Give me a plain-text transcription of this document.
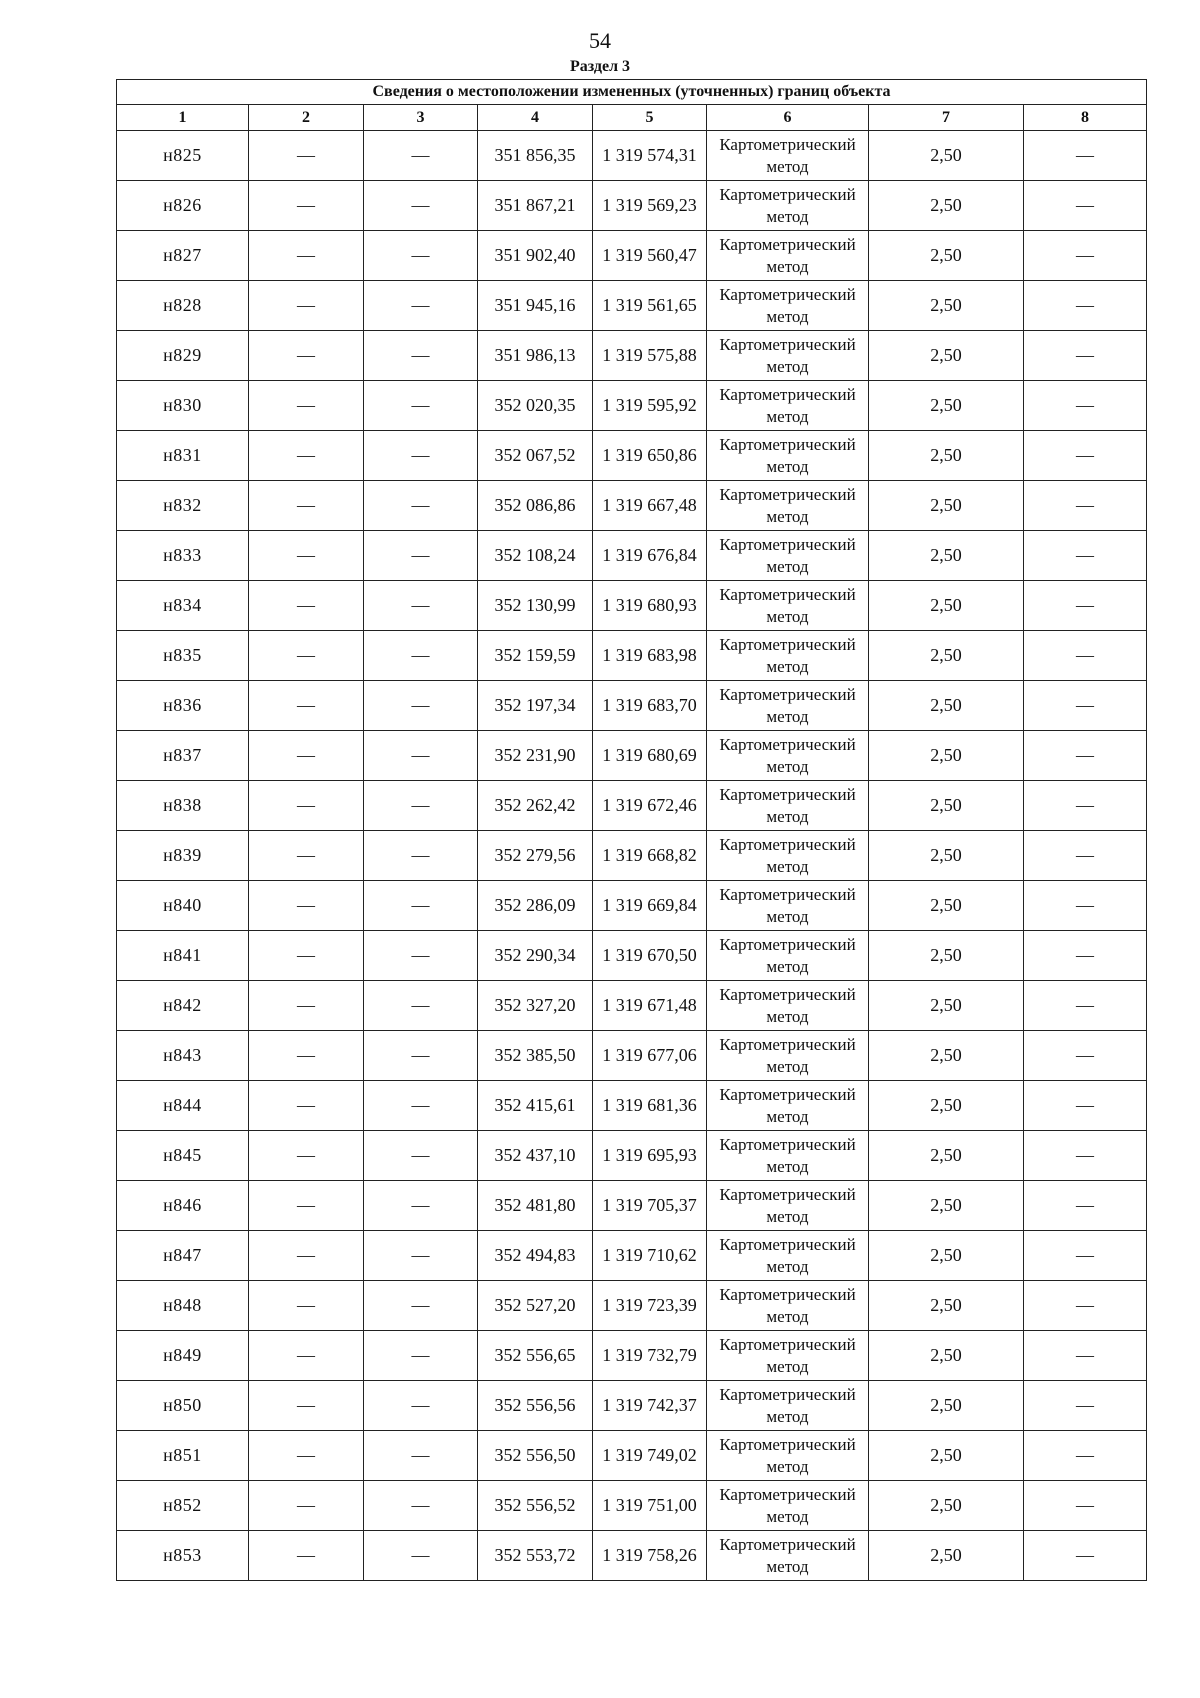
54
Раздел 3
Сведения о местоположении измененных (уточненных) границ объекта							
1	2	3	4	5	6	7	8
н825	—	—	351 856,35	1 319 574,31	Картометрический метод	2,50	—
н826	—	—	351 867,21	1 319 569,23	Картометрический метод	2,50	—
н827	—	—	351 902,40	1 319 560,47	Картометрический метод	2,50	—
н828	—	—	351 945,16	1 319 561,65	Картометрический метод	2,50	—
н829	—	—	351 986,13	1 319 575,88	Картометрический метод	2,50	—
н830	—	—	352 020,35	1 319 595,92	Картометрический метод	2,50	—
н831	—	—	352 067,52	1 319 650,86	Картометрический метод	2,50	—
н832	—	—	352 086,86	1 319 667,48	Картометрический метод	2,50	—
н833	—	—	352 108,24	1 319 676,84	Картометрический метод	2,50	—
н834	—	—	352 130,99	1 319 680,93	Картометрический метод	2,50	—
н835	—	—	352 159,59	1 319 683,98	Картометрический метод	2,50	—
н836	—	—	352 197,34	1 319 683,70	Картометрический метод	2,50	—
н837	—	—	352 231,90	1 319 680,69	Картометрический метод	2,50	—
н838	—	—	352 262,42	1 319 672,46	Картометрический метод	2,50	—
н839	—	—	352 279,56	1 319 668,82	Картометрический метод	2,50	—
н840	—	—	352 286,09	1 319 669,84	Картометрический метод	2,50	—
н841	—	—	352 290,34	1 319 670,50	Картометрический метод	2,50	—
н842	—	—	352 327,20	1 319 671,48	Картометрический метод	2,50	—
н843	—	—	352 385,50	1 319 677,06	Картометрический метод	2,50	—
н844	—	—	352 415,61	1 319 681,36	Картометрический метод	2,50	—
н845	—	—	352 437,10	1 319 695,93	Картометрический метод	2,50	—
н846	—	—	352 481,80	1 319 705,37	Картометрический метод	2,50	—
н847	—	—	352 494,83	1 319 710,62	Картометрический метод	2,50	—
н848	—	—	352 527,20	1 319 723,39	Картометрический метод	2,50	—
н849	—	—	352 556,65	1 319 732,79	Картометрический метод	2,50	—
н850	—	—	352 556,56	1 319 742,37	Картометрический метод	2,50	—
н851	—	—	352 556,50	1 319 749,02	Картометрический метод	2,50	—
н852	—	—	352 556,52	1 319 751,00	Картометрический метод	2,50	—
н853	—	—	352 553,72	1 319 758,26	Картометрический метод	2,50	—
